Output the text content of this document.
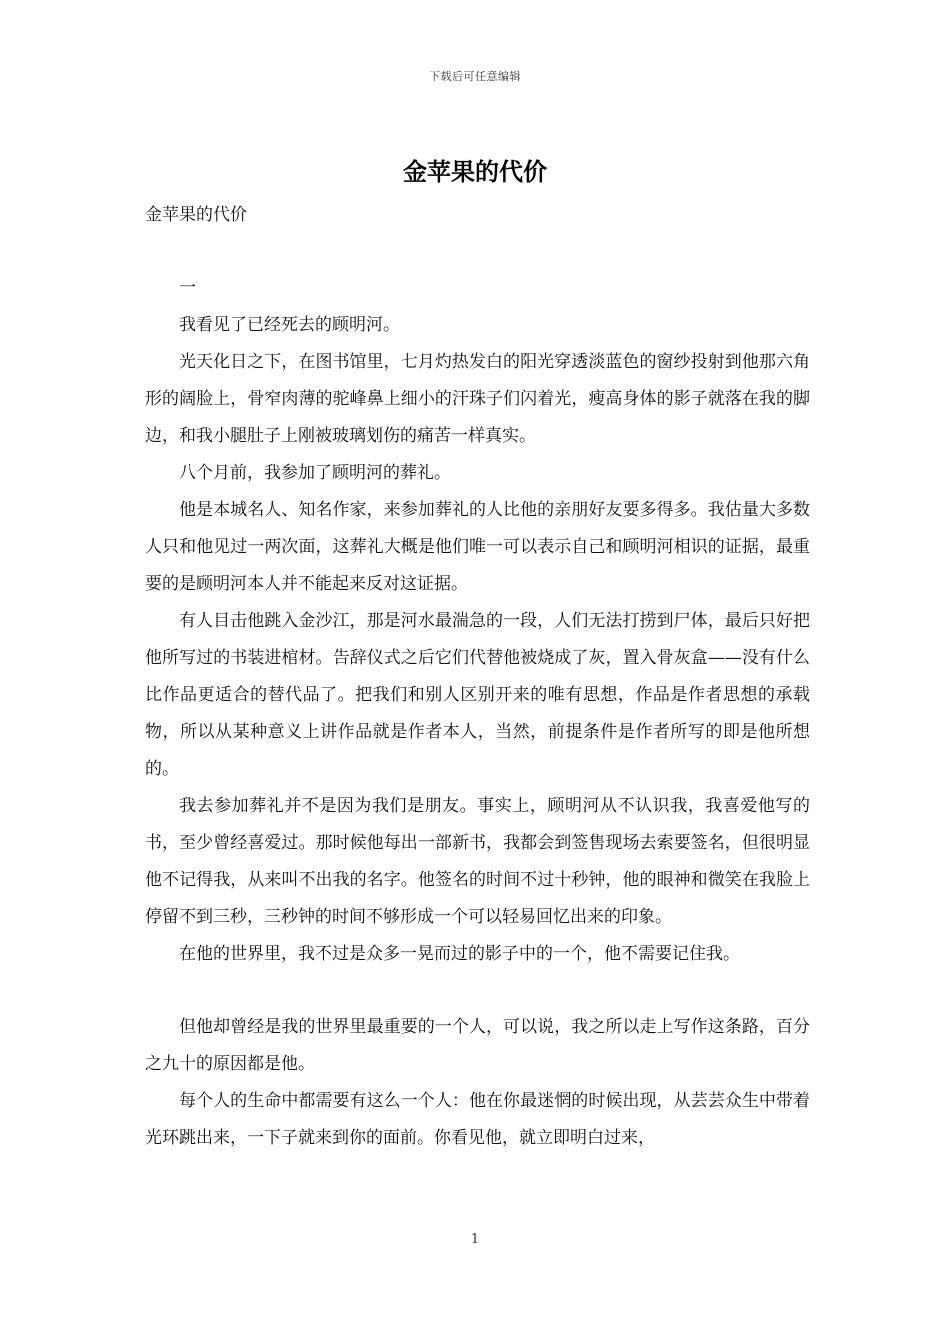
下载后可任意编辑
金苹果的代价
金苹果的代价

一

我看见了已经死去的顾明河。

光天化日之下，在图书馆里，七月灼热发白的阳光穿透淡蓝色的窗纱投射到他那六角形的阔脸上，骨窄肉薄的驼峰鼻上细小的汗珠子们闪着光，瘦高身体的影子就落在我的脚边，和我小腿肚子上刚被玻璃划伤的痛苦一样真实。

八个月前，我参加了顾明河的葬礼。

他是本城名人、知名作家，来参加葬礼的人比他的亲朋好友要多得多。我估量大多数人只和他见过一两次面，这葬礼大概是他们唯一可以表示自己和顾明河相识的证据，最重要的是顾明河本人并不能起来反对这证据。

有人目击他跳入金沙江，那是河水最湍急的一段，人们无法打捞到尸体，最后只好把他所写过的书装进棺材。告辞仪式之后它们代替他被烧成了灰，置入骨灰盒——没有什么比作品更适合的替代品了。把我们和别人区别开来的唯有思想，作品是作者思想的承载物，所以从某种意义上讲作品就是作者本人，当然，前提条件是作者所写的即是他所想的。

我去参加葬礼并不是因为我们是朋友。事实上，顾明河从不认识我，我喜爱他写的书，至少曾经喜爱过。那时候他每出一部新书，我都会到签售现场去索要签名，但很明显他不记得我，从来叫不出我的名字。他签名的时间不过十秒钟，他的眼神和微笑在我脸上停留不到三秒，三秒钟的时间不够形成一个可以轻易回忆出来的印象。

在他的世界里，我不过是众多一晃而过的影子中的一个，他不需要记住我。

但他却曾经是我的世界里最重要的一个人，可以说，我之所以走上写作这条路，百分之九十的原因都是他。

每个人的生命中都需要有这么一个人：他在你最迷惘的时候出现，从芸芸众生中带着光环跳出来，一下子就来到你的面前。你看见他，就立即明白过来，

1
